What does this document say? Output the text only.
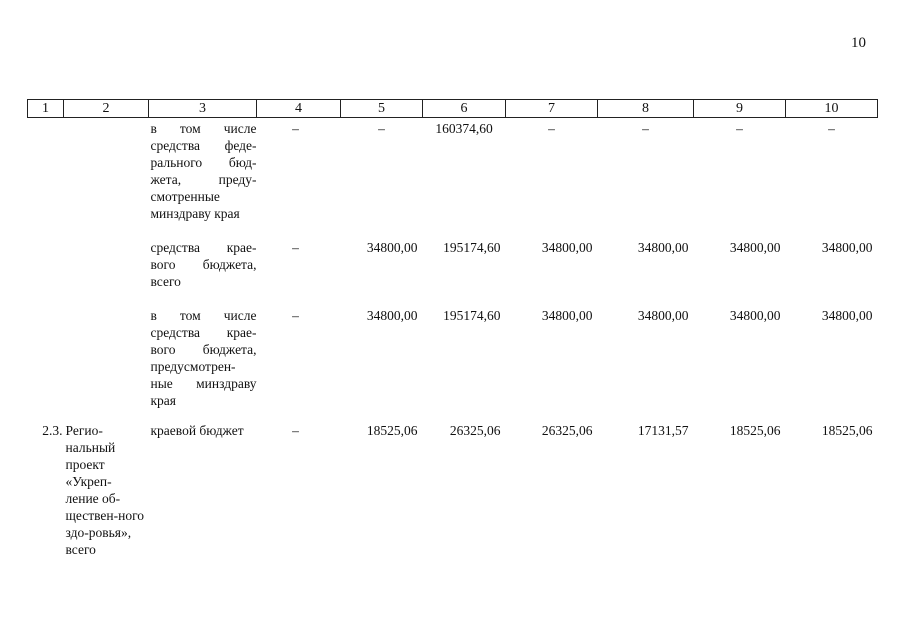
10
1	2	3	4	5	6	7	8	9	10
		в том числе средства феде-рального бюд-жета, преду-смотренные минздраву края	–	–	160374,60	–	–	–	–
		средства крае-вого бюджета, всего	–	34800,00	195174,60	34800,00	34800,00	34800,00	34800,00
		в том числе средства крае-вого бюджета, предусмотрен-ные минздраву края	–	34800,00	195174,60	34800,00	34800,00	34800,00	34800,00
2.3.	Регио-нальный проект «Укреп-ление об-ществен-ного здо-ровья», всего	краевой бюджет	–	18525,06	26325,06	26325,06	17131,57	18525,06	18525,06
